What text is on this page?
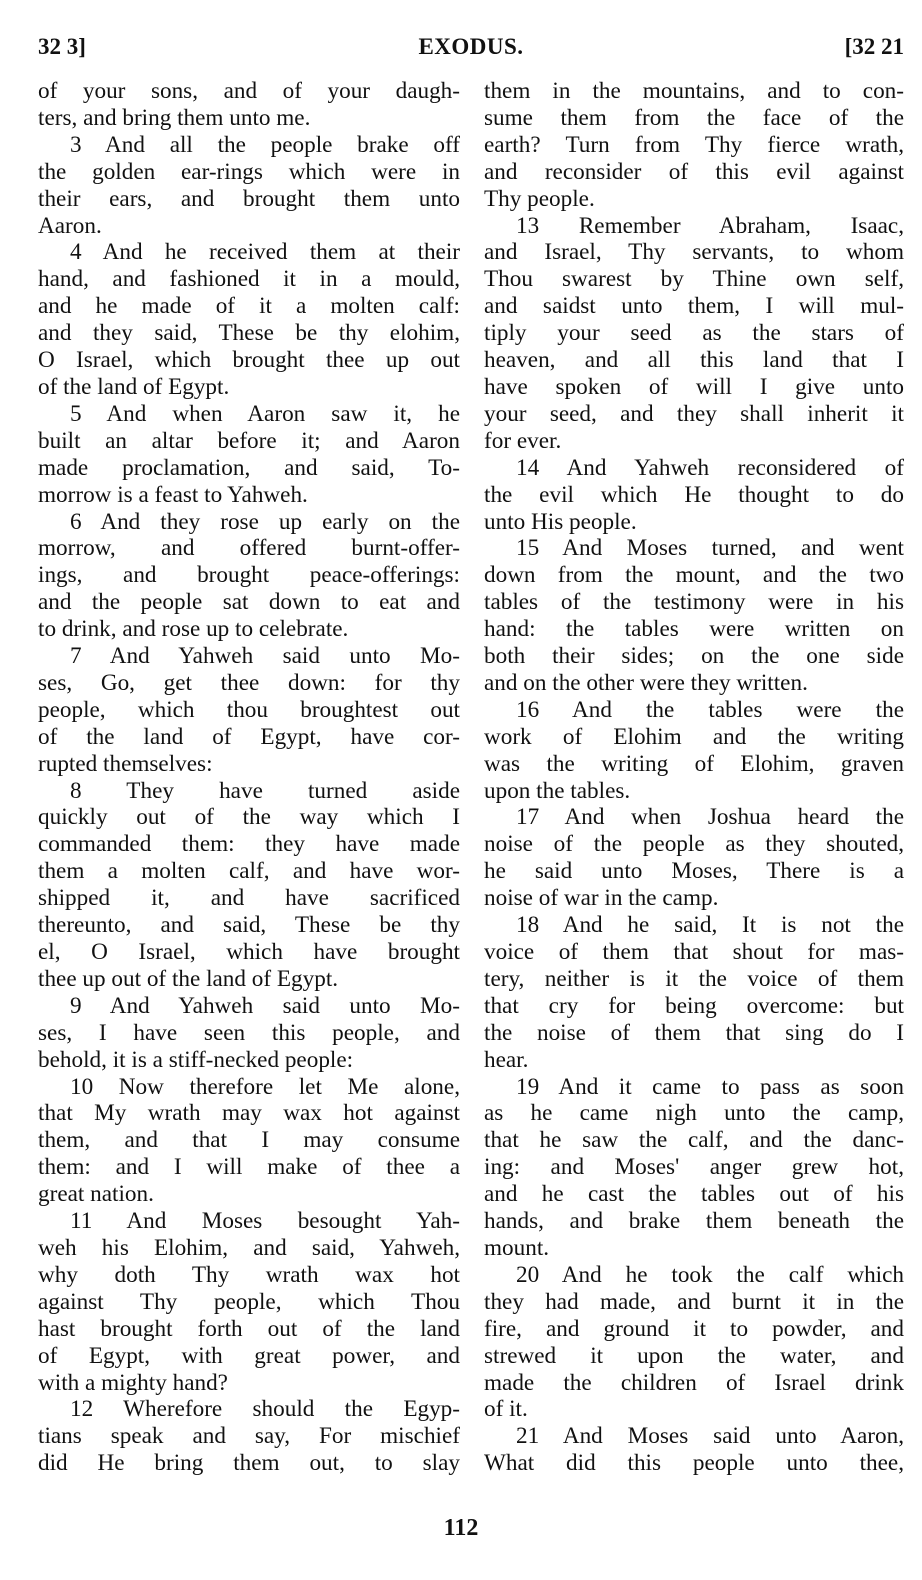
32 3]	EXODUS.	[32 21
of your sons, and of your daugh-
ters, and bring them unto me.
3 And all the people brake off
the golden ear-rings which were in
their ears, and brought them unto
Aaron.
4 And he received them at their
hand, and fashioned it in a mould,
and he made of it a molten calf:
and they said, These be thy elohim,
O Israel, which brought thee up out
of the land of Egypt.
5 And when Aaron saw it, he
built an altar before it; and Aaron
made proclamation, and said, To-
morrow is a feast to Yahweh.
6 And they rose up early on the
morrow, and offered burnt-offer-
ings, and brought peace-offerings:
and the people sat down to eat and
to drink, and rose up to celebrate.
7 And Yahweh said unto Mo-
ses, Go, get thee down: for thy
people, which thou broughtest out
of the land of Egypt, have cor-
rupted themselves:
8 They have turned aside
quickly out of the way which I
commanded them: they have made
them a molten calf, and have wor-
shipped it, and have sacrificed
thereunto, and said, These be thy
el, O Israel, which have brought
thee up out of the land of Egypt.
9 And Yahweh said unto Mo-
ses, I have seen this people, and
behold, it is a stiff-necked people:
10 Now therefore let Me alone,
that My wrath may wax hot against
them, and that I may consume
them: and I will make of thee a
great nation.
11 And Moses besought Yah-
weh his Elohim, and said, Yahweh,
why doth Thy wrath wax hot
against Thy people, which Thou
hast brought forth out of the land
of Egypt, with great power, and
with a mighty hand?
12 Wherefore should the Egyp-
tians speak and say, For mischief
did He bring them out, to slay
them in the mountains, and to con-
sume them from the face of the
earth? Turn from Thy fierce wrath,
and reconsider of this evil against
Thy people.
13 Remember Abraham, Isaac,
and Israel, Thy servants, to whom
Thou swarest by Thine own self,
and saidst unto them, I will mul-
tiply your seed as the stars of
heaven, and all this land that I
have spoken of will I give unto
your seed, and they shall inherit it
for ever.
14 And Yahweh reconsidered of
the evil which He thought to do
unto His people.
15 And Moses turned, and went
down from the mount, and the two
tables of the testimony were in his
hand: the tables were written on
both their sides; on the one side
and on the other were they written.
16 And the tables were the
work of Elohim and the writing
was the writing of Elohim, graven
upon the tables.
17 And when Joshua heard the
noise of the people as they shouted,
he said unto Moses, There is a
noise of war in the camp.
18 And he said, It is not the
voice of them that shout for mas-
tery, neither is it the voice of them
that cry for being overcome: but
the noise of them that sing do I
hear.
19 And it came to pass as soon
as he came nigh unto the camp,
that he saw the calf, and the danc-
ing: and Moses' anger grew hot,
and he cast the tables out of his
hands, and brake them beneath the
mount.
20 And he took the calf which
they had made, and burnt it in the
fire, and ground it to powder, and
strewed it upon the water, and
made the children of Israel drink
of it.
21 And Moses said unto Aaron,
What did this people unto thee,
112
